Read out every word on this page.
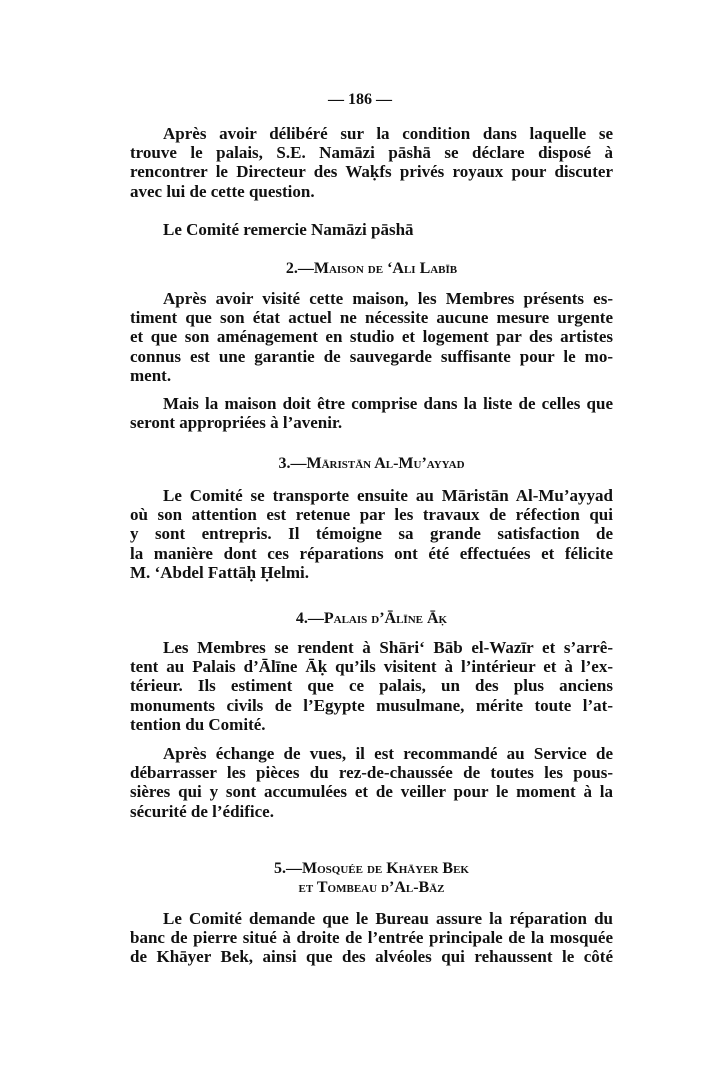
— 186 —
Après avoir délibéré sur la condition dans laquelle se
trouve le palais, S.E. Namāzi pāshā se déclare disposé à
rencontrer le Directeur des Waḳfs privés royaux pour discuter
avec lui de cette question.
Le Comité remercie Namāzi pāshā
2.—Maison de ‘Ali Labīb
Après avoir visité cette maison, les Membres présents es-
timent que son état actuel ne nécessite aucune mesure urgente
et que son aménagement en studio et logement par des artistes
connus est une garantie de sauvegarde suffisante pour le mo-
ment.
Mais la maison doit être comprise dans la liste de celles que
seront appropriées à l’avenir.
3.—Māristān Al-Mu’ayyad
Le Comité se transporte ensuite au Māristān Al-Mu’ayyad
où son attention est retenue par les travaux de réfection qui
y sont entrepris. Il témoigne sa grande satisfaction de
la manière dont ces réparations ont été effectuées et félicite
M. ‘Abdel Fattāḥ Ḥelmi.
4.—Palais d’Ālīne Āḳ
Les Membres se rendent à Shāri‘ Bāb el-Wazīr et s’arrê-
tent au Palais d’Ālīne Āḳ qu’ils visitent à l’intérieur et à l’ex-
térieur. Ils estiment que ce palais, un des plus anciens
monuments civils de l’Egypte musulmane, mérite toute l’at-
tention du Comité.
Après échange de vues, il est recommandé au Service de
débarrasser les pièces du rez-de-chaussée de toutes les pous-
sières qui y sont accumulées et de veiller pour le moment à la
sécurité de l’édifice.
5.—Mosquée de Khāyer Bek
et Tombeau d’Al-Bāz
Le Comité demande que le Bureau assure la réparation du
banc de pierre situé à droite de l’entrée principale de la mosquée
de Khāyer Bek, ainsi que des alvéoles qui rehaussent le côté
